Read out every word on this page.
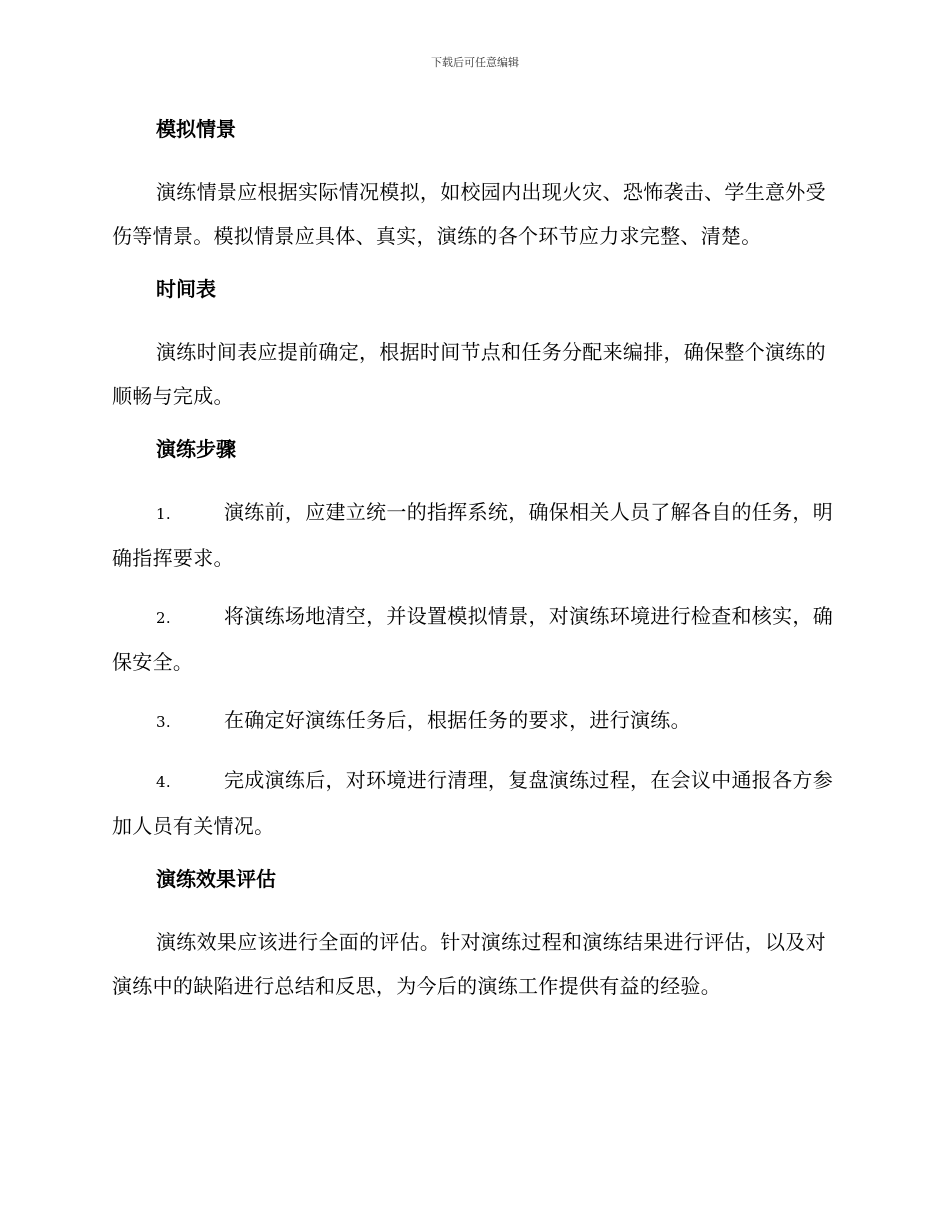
下载后可任意编辑
模拟情景

演练情景应根据实际情况模拟，如校园内出现火灾、恐怖袭击、学生意外受伤等情景。模拟情景应具体、真实，演练的各个环节应力求完整、清楚。

时间表

演练时间表应提前确定，根据时间节点和任务分配来编排，确保整个演练的顺畅与完成。

演练步骤

1.	演练前，应建立统一的指挥系统，确保相关人员了解各自的任务，明确指挥要求。

2.	将演练场地清空，并设置模拟情景，对演练环境进行检查和核实，确保安全。

3.	在确定好演练任务后，根据任务的要求，进行演练。

4.	完成演练后，对环境进行清理，复盘演练过程，在会议中通报各方参加人员有关情况。

演练效果评估

演练效果应该进行全面的评估。针对演练过程和演练结果进行评估，以及对演练中的缺陷进行总结和反思，为今后的演练工作提供有益的经验。
